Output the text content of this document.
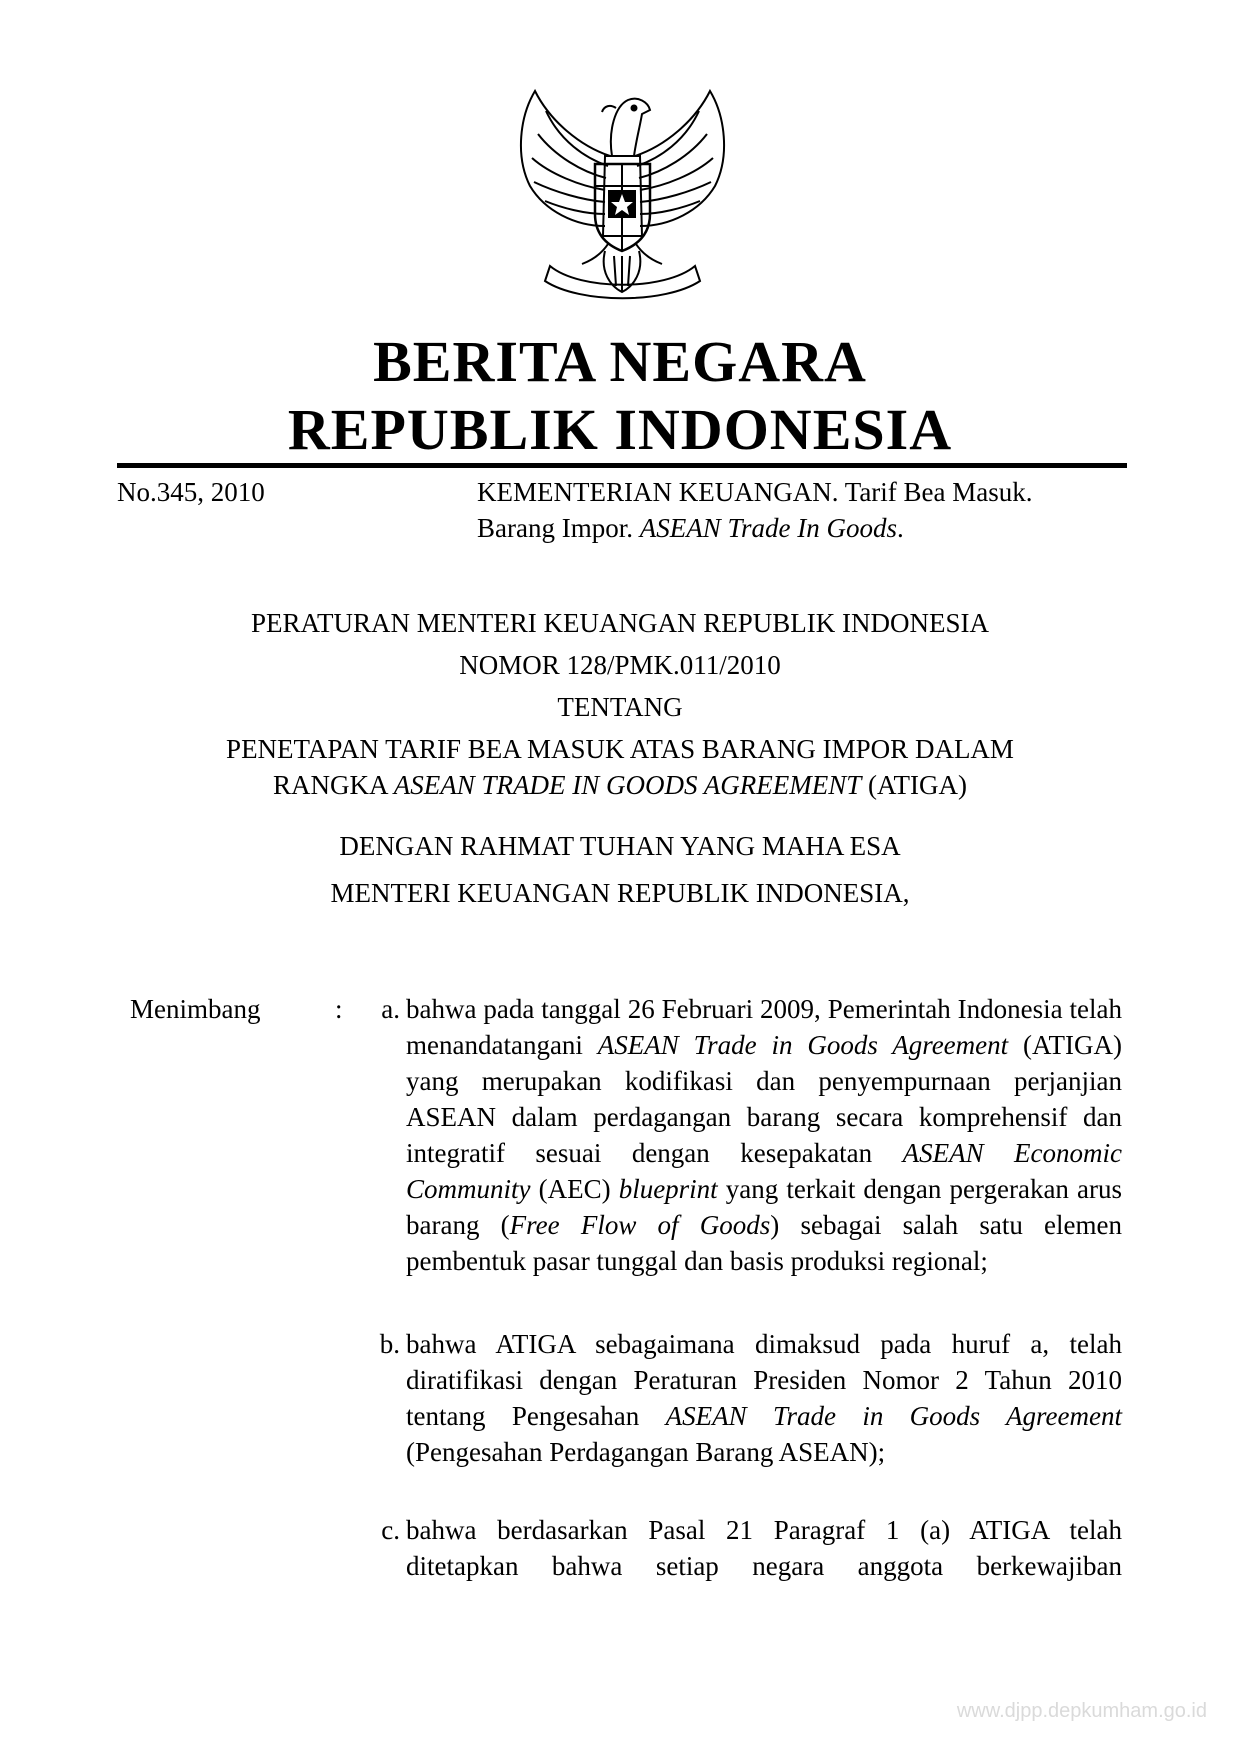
BERITA NEGARA
REPUBLIK INDONESIA
No.345, 2010	KEMENTERIAN KEUANGAN. Tarif Bea Masuk.
Barang Impor. ASEAN Trade In Goods.
PERATURAN MENTERI KEUANGAN REPUBLIK INDONESIA
NOMOR 128/PMK.011/2010
TENTANG
PENETAPAN TARIF BEA MASUK ATAS BARANG IMPOR DALAM
RANGKA ASEAN TRADE IN GOODS AGREEMENT (ATIGA)
DENGAN RAHMAT TUHAN YANG MAHA ESA
MENTERI KEUANGAN REPUBLIK INDONESIA,
Menimbang	:	a. bahwa pada tanggal 26 Februari 2009, Pemerintah Indonesia telah menandatangani ASEAN Trade in Goods Agreement (ATIGA) yang merupakan kodifikasi dan penyempurnaan perjanjian ASEAN dalam perdagangan barang secara komprehensif dan integratif sesuai dengan kesepakatan ASEAN Economic Community (AEC) blueprint yang terkait dengan pergerakan arus barang (Free Flow of Goods) sebagai salah satu elemen pembentuk pasar tunggal dan basis produksi regional;
b. bahwa ATIGA sebagaimana dimaksud pada huruf a, telah diratifikasi dengan Peraturan Presiden Nomor 2 Tahun 2010 tentang Pengesahan ASEAN Trade in Goods Agreement (Pengesahan Perdagangan Barang ASEAN);
c. bahwa berdasarkan Pasal 21 Paragraf 1 (a) ATIGA telah ditetapkan bahwa setiap negara anggota berkewajiban
www.djpp.depkumham.go.id
